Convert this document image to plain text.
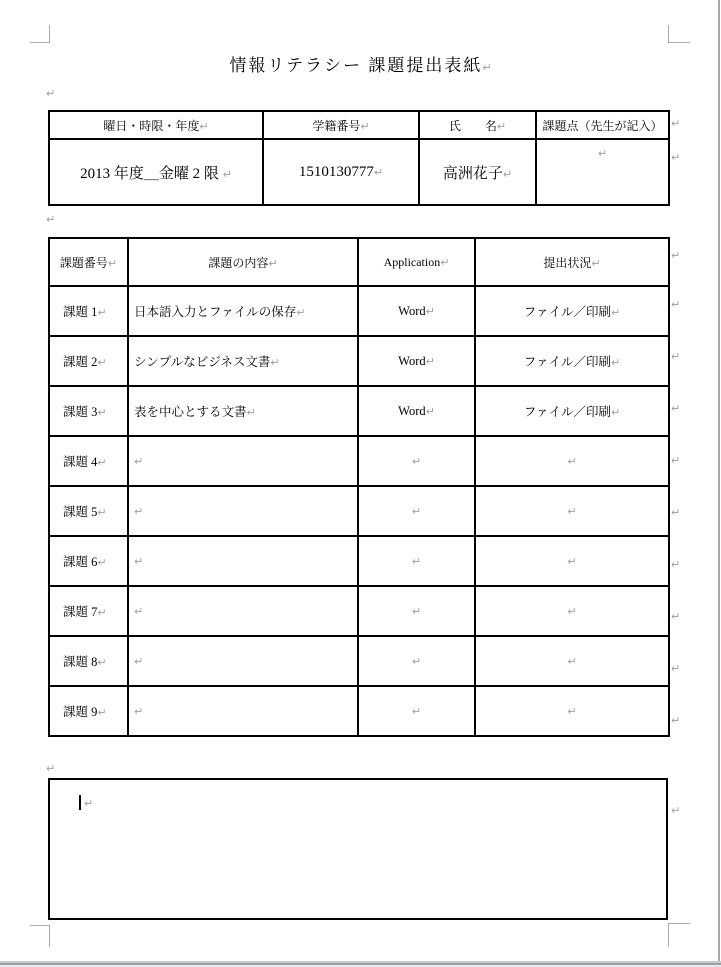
情報リテラシー 課題提出表紙↵
↵
↵
↵
曜日・時限・年度↵	学籍番号↵	氏　　名↵	課題点（先生が記入）
2013 年度＿金曜 2 限 ↵	1510130777↵	高洲花子↵	↵
課題番号↵	課題の内容↵	Application↵	提出状況↵
課題 1↵	日本語入力とファイルの保存↵	Word↵	ファイル／印刷↵
課題 2↵	シンプルなビジネス文書↵	Word↵	ファイル／印刷↵
課題 3↵	表を中心とする文書↵	Word↵	ファイル／印刷↵
課題 4↵	↵	↵	↵
課題 5↵	↵	↵	↵
課題 6↵	↵	↵	↵
課題 7↵	↵	↵	↵
課題 8↵	↵	↵	↵
課題 9↵	↵	↵	↵
↵
↵
↵
↵
↵
↵
↵
↵
↵
↵
↵
↵
↵
↵
